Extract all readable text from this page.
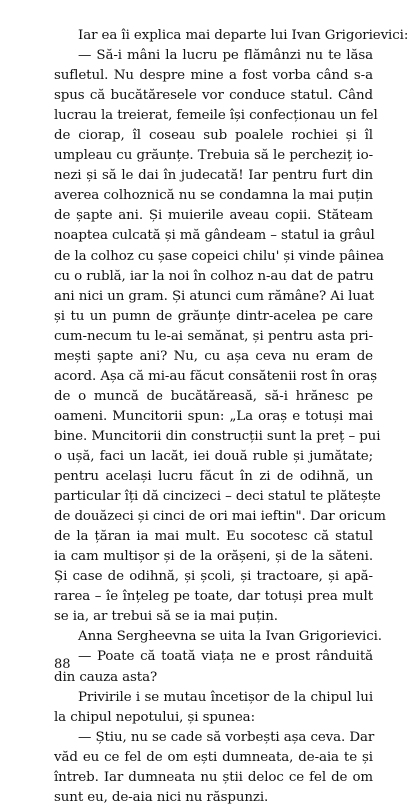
Iar ea îi explica mai departe lui Ivan Grigorievici:
— Să-i mâni la lucru pe flămânzi nu te lăsa
sufletul. Nu despre mine a fost vorba când s-a
spus că bucătăresele vor conduce statul. Când
lucrau la treierat, femeile își confecționau un fel
de ciorap, îl coseau sub poalele rochiei și îl
umpleau cu grăunțe. Trebuia să le percheziț io-
nezi și să le dai în judecată! Iar pentru furt din
averea colhoznică nu se condamna la mai puțin
de șapte ani. Și muierile aveau copii. Stăteam
noaptea culcată și mă gândeam – statul ia grâul
de la colhoz cu șase copeici chilu' și vinde pâinea
cu o rublă, iar la noi în colhoz n-au dat de patru
ani nici un gram. Și atunci cum rămâne? Ai luat
și tu un pumn de grăunțe dintr-acelea pe care
cum-necum tu le-ai semănat, și pentru asta pri-
mești șapte ani? Nu, cu așa ceva nu eram de
acord. Așa că mi-au făcut consătenii rost în oraș
de o muncă de bucătăreasă, să-i hrănesc pe
oameni. Muncitorii spun: „La oraș e totuși mai
bine. Muncitorii din construcții sunt la preț – pui
o ușă, faci un lacăt, iei două ruble și jumătate;
pentru același lucru făcut în zi de odihnă, un
particular îți dă cincizeci – deci statul te plătește
de douăzeci și cinci de ori mai ieftin". Dar oricum
de la țăran ia mai mult. Eu socotesc că statul
ia cam multișor și de la orășeni, și de la săteni.
Și case de odihnă, și școli, și tractoare, și apă-
rarea – îe înțeleg pe toate, dar totuși prea mult
se ia, ar trebui să se ia mai puțin.
Anna Sergheevna se uita la Ivan Grigorievici.
— Poate că toată viața ne e prost rânduită
din cauza asta?
Privirile i se mutau încetișor de la chipul lui
la chipul nepotului, și spunea:
— Știu, nu se cade să vorbești așa ceva. Dar
văd eu ce fel de om ești dumneata, de-aia te și
întreb. Iar dumneata nu știi deloc ce fel de om
sunt eu, de-aia nici nu răspunzi.
88
